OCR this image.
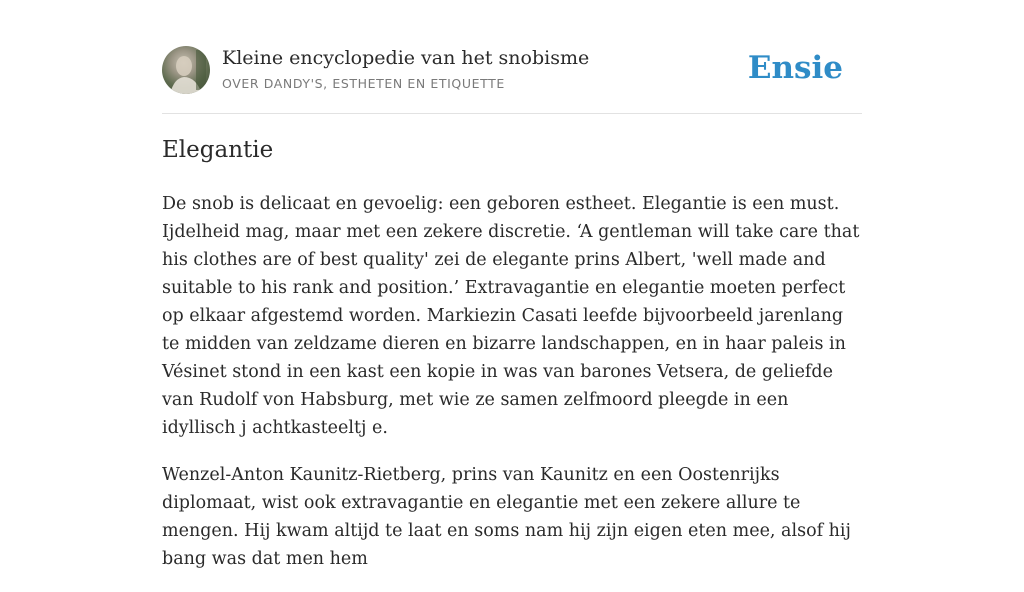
Kleine encyclopedie van het snobisme
OVER DANDY'S, ESTHETEN EN ETIQUETTE	Ensie
Elegantie

De snob is delicaat en gevoelig: een geboren estheet. Elegantie is een must. Ijdelheid mag, maar met een zekere discretie. ‘A gentleman will take care that his clothes are of best quality' zei de elegante prins Albert, 'well made and suitable to his rank and position.’ Extravagantie en elegantie moeten perfect op elkaar afgestemd worden. Markiezin Casati leefde bijvoorbeeld jarenlang te midden van zeldzame dieren en bizarre landschappen, en in haar paleis in Vésinet stond in een kast een kopie in was van barones Vetsera, de geliefde van Rudolf von Habsburg, met wie ze samen zelfmoord pleegde in een idyllisch j achtkasteeltj e.

Wenzel-Anton Kaunitz-Rietberg, prins van Kaunitz en een Oostenrijks diplomaat, wist ook extravagantie en elegantie met een zekere allure te mengen. Hij kwam altijd te laat en soms nam hij zijn eigen eten mee, alsof hij bang was dat men hem
